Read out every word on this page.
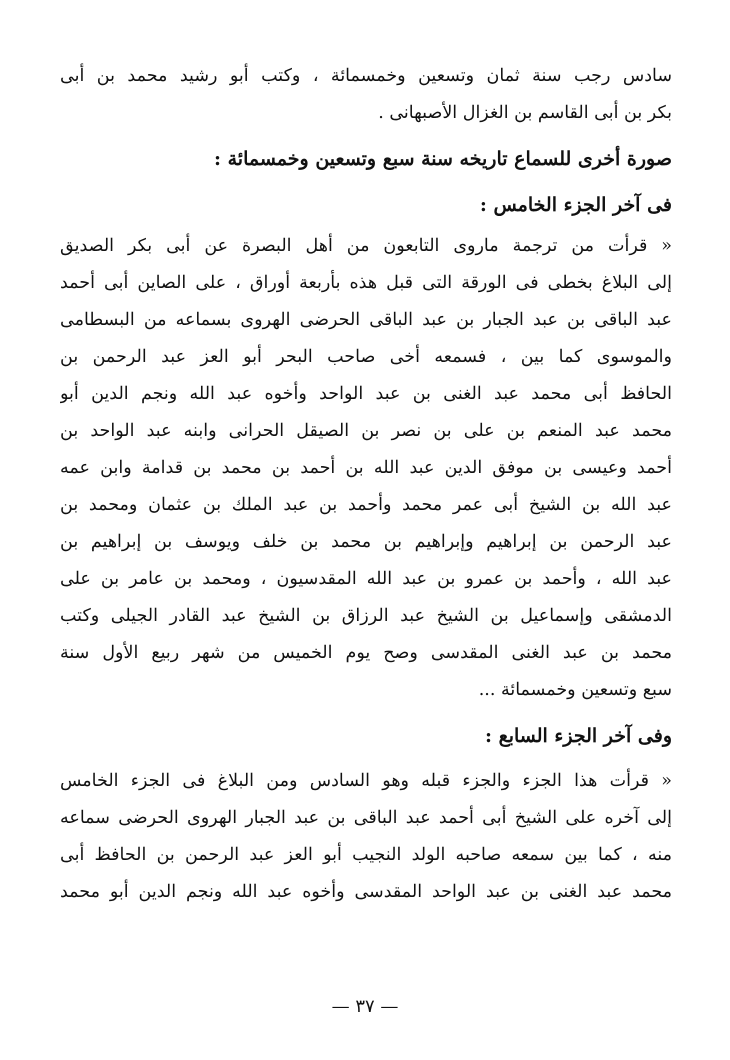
سادس رجب سنة ثمان وتسعين وخمسمائة ، وكتب أبو رشيد محمد بن أبى
بكر بن أبى القاسم بن الغزال الأصبهانى .
صورة أخرى للسماع تاريخه سنة سبع وتسعين وخمسمائة :
فى آخر الجزء الخامس :
« قرأت من ترجمة ماروى التابعون من أهل البصرة عن أبى بكر الصديق
إلى البلاغ بخطى فى الورقة التى قبل هذه بأربعة أوراق ، على الصاين أبى أحمد
عبد الباقى بن عبد الجبار بن عبد الباقى الحرضى الهروى بسماعه من البسطامى
والموسوى كما بين ، فسمعه أخى صاحب البحر أبو العز عبد الرحمن بن
الحافظ أبى محمد عبد الغنى بن عبد الواحد وأخوه عبد الله ونجم الدين أبو
محمد عبد المنعم بن على بن نصر بن الصيقل الحرانى وابنه عبد الواحد بن
أحمد وعيسى بن موفق الدين عبد الله بن أحمد بن محمد بن قدامة وابن عمه
عبد الله بن الشيخ أبى عمر محمد وأحمد بن عبد الملك بن عثمان ومحمد بن
عبد الرحمن بن إبراهيم وإبراهيم بن محمد بن خلف ويوسف بن إبراهيم بن
عبد الله ، وأحمد بن عمرو بن عبد الله المقدسيون ، ومحمد بن عامر بن على
الدمشقى وإسماعيل بن الشيخ عبد الرزاق بن الشيخ عبد القادر الجيلى وكتب
محمد بن عبد الغنى المقدسى وصح يوم الخميس من شهر ربيع الأول سنة
سبع وتسعين وخمسمائة ...
وفى آخر الجزء السابع :
« قرأت هذا الجزء والجزء قبله وهو السادس ومن البلاغ فى الجزء الخامس
إلى آخره على الشيخ أبى أحمد عبد الباقى بن عبد الجبار الهروى الحرضى سماعه
منه ، كما بين سمعه صاحبه الولد النجيب أبو العز عبد الرحمن بن الحافظ أبى
محمد عبد الغنى بن عبد الواحد المقدسى وأخوه عبد الله ونجم الدين أبو محمد
— ٣٧ —
